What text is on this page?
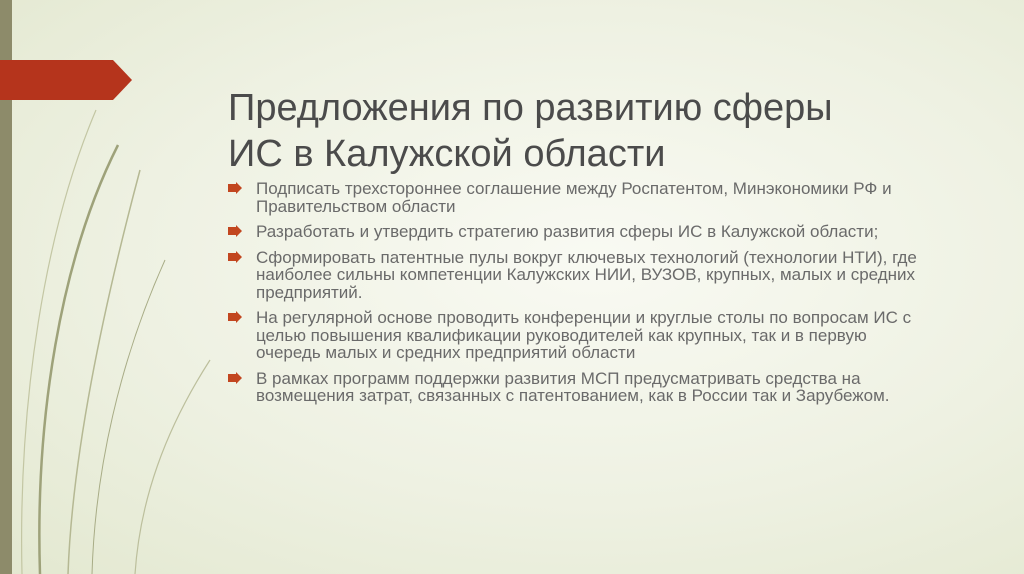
Предложения по развитию сферы
ИС в Калужской области
Подписать трехстороннее соглашение между Роспатентом, Минэкономики РФ и Правительством области
Разработать и утвердить стратегию развития сферы ИС в Калужской области;
Сформировать патентные пулы вокруг ключевых технологий (технологии НТИ), где наиболее сильны компетенции Калужских НИИ, ВУЗОВ, крупных, малых и средних предприятий.
На регулярной основе проводить конференции и круглые столы по вопросам ИС с целью повышения квалификации руководителей как крупных, так и в первую очередь малых и средних предприятий области
В рамках программ поддержки развития МСП предусматривать средства на возмещения затрат, связанных с патентованием, как в России так и Зарубежом.
